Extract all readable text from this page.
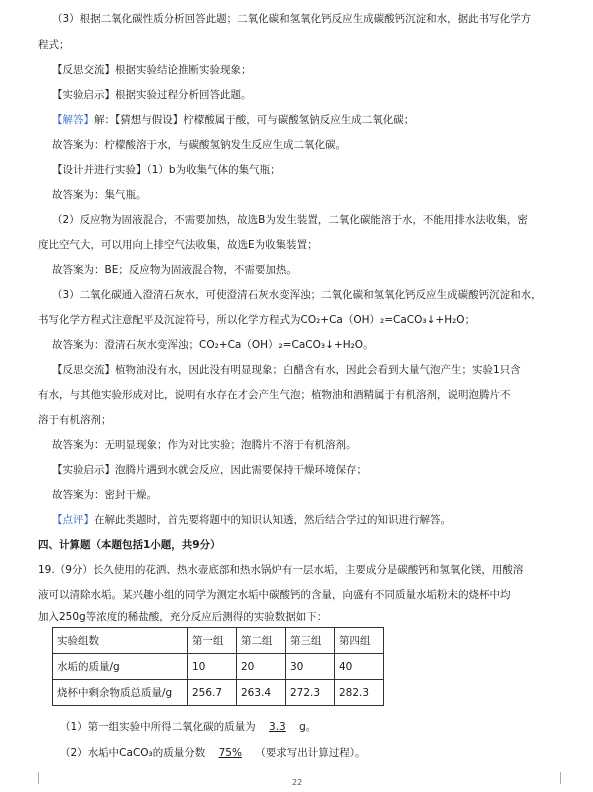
（3）根据二氧化碳性质分析回答此题；二氧化碳和氢氧化钙反应生成碳酸钙沉淀和水，据此书写化学方
程式；
【反思交流】根据实验结论推断实验现象；
【实验启示】根据实验过程分析回答此题。
【解答】解：【猜想与假设】柠檬酸属于酸，可与碳酸氢钠反应生成二氧化碳；
故答案为：柠檬酸溶于水，与碳酸氢钠发生反应生成二氧化碳。
【设计并进行实验】（1）b为收集气体的集气瓶；
故答案为：集气瓶。
（2）反应物为固液混合，不需要加热，故选B为发生装置，二氧化碳能溶于水，不能用排水法收集，密
度比空气大，可以用向上排空气法收集，故选E为收集装置；
故答案为：BE；反应物为固液混合物，不需要加热。
（3）二氧化碳通入澄清石灰水，可使澄清石灰水变浑浊；二氧化碳和氢氧化钙反应生成碳酸钙沉淀和水，
书写化学方程式注意配平及沉淀符号，所以化学方程式为CO₂+Ca（OH）₂=CaCO₃↓+H₂O；
故答案为：澄清石灰水变浑浊；CO₂+Ca（OH）₂=CaCO₃↓+H₂O。
【反思交流】植物油没有水，因此没有明显现象；白醋含有水，因此会看到大量气泡产生；实验1只含
有水，与其他实验形成对比，说明有水存在才会产生气泡；植物油和酒精属于有机溶剂，说明泡腾片不
溶于有机溶剂；
故答案为：无明显现象；作为对比实验；泡腾片不溶于有机溶剂。
【实验启示】泡腾片遇到水就会反应，因此需要保持干燥环境保存；
故答案为：密封干燥。
【点评】在解此类题时，首先要将题中的知识认知透，然后结合学过的知识进行解答。
四、计算题（本题包括1小题，共9分）
19.（9分）长久使用的花洒、热水壶底部和热水锅炉有一层水垢，主要成分是碳酸钙和氢氧化镁，用酸溶
液可以清除水垢。某兴趣小组的同学为测定水垢中碳酸钙的含量，向盛有不同质量水垢粉末的烧杯中均
加入250g等浓度的稀盐酸，充分反应后测得的实验数据如下：
实验组数	第一组	第二组	第三组	第四组
水垢的质量/g	10	20	30	40
烧杯中剩余物质总质量/g	256.7	263.4	272.3	282.3
（1）第一组实验中所得二氧化碳的质量为 3.3 g。
（2）水垢中CaCO₃的质量分数 75% （要求写出计算过程）。
22
